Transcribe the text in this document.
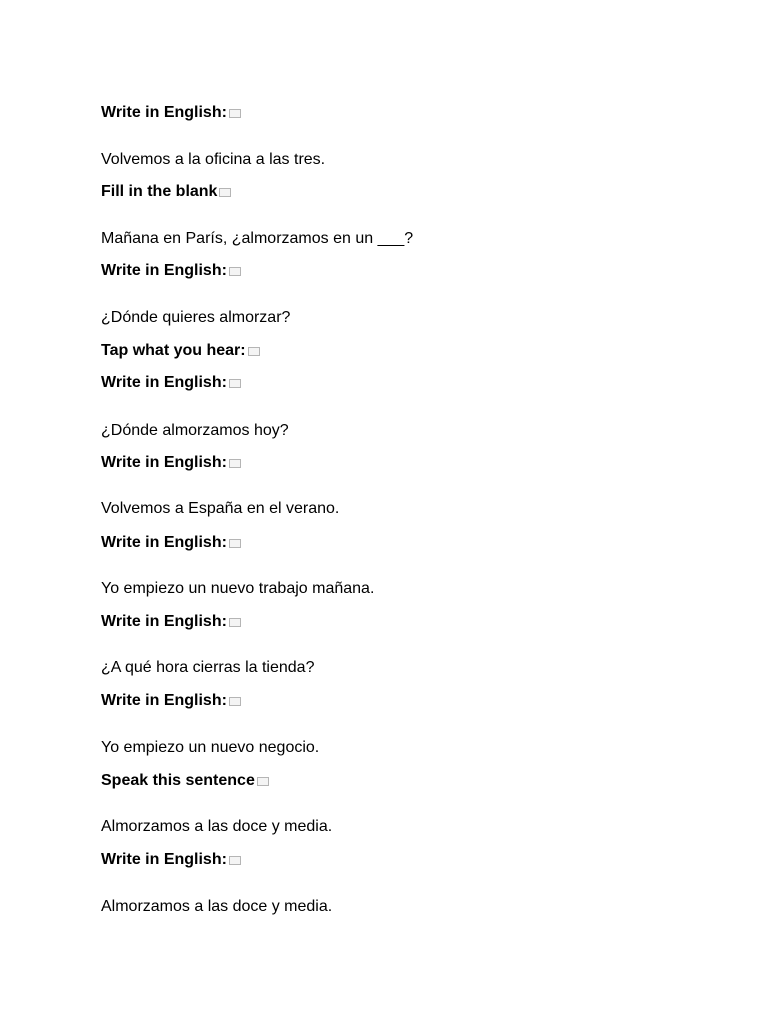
Write in English:
Volvemos a la oficina a las tres.
Fill in the blank
Mañana en París, ¿almorzamos en un ___?
Write in English:
¿Dónde quieres almorzar?
Tap what you hear:
Write in English:
¿Dónde almorzamos hoy?
Write in English:
Volvemos a España en el verano.
Write in English:
Yo empiezo un nuevo trabajo mañana.
Write in English:
¿A qué hora cierras la tienda?
Write in English:
Yo empiezo un nuevo negocio.
Speak this sentence
Almorzamos a las doce y media.
Write in English:
Almorzamos a las doce y media.
